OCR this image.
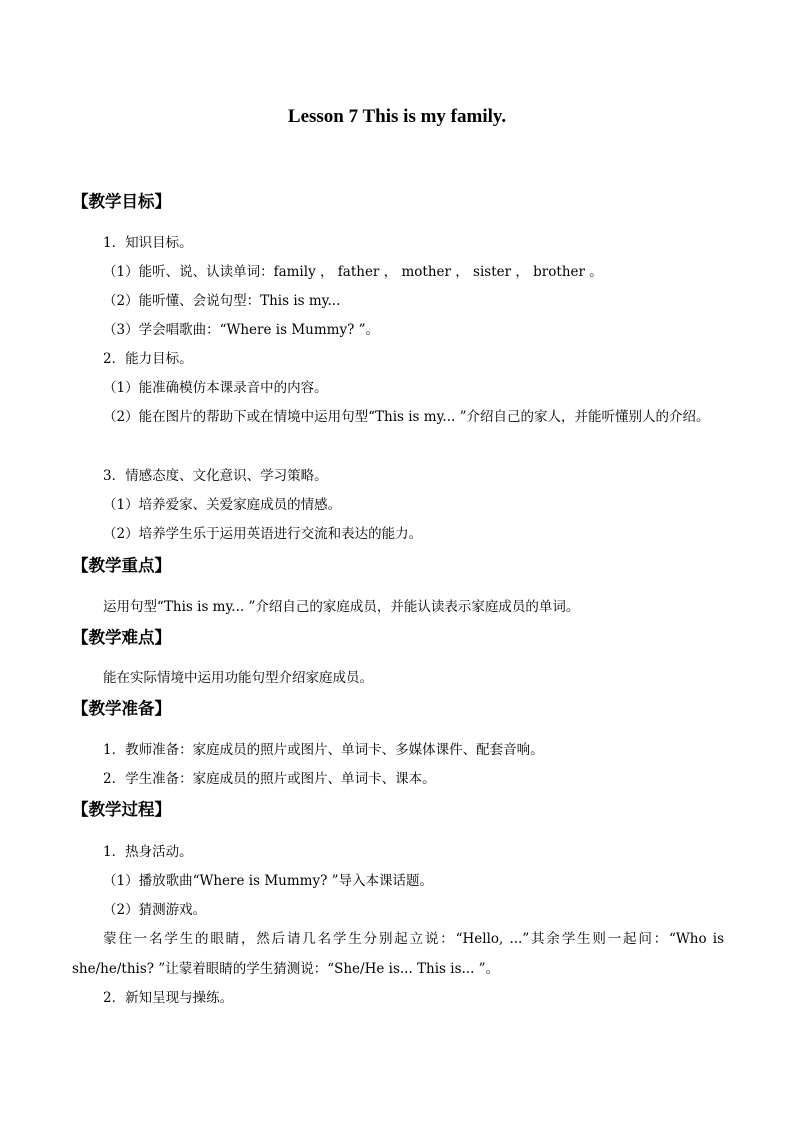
Lesson 7 This is my family.
【教学目标】
1．知识目标。
（1）能听、说、认读单词：family ， father ， mother ， sister ， brother 。
（2）能听懂、会说句型：This is my...
（3）学会唱歌曲：“Where is Mummy? ”。
2．能力目标。
（1）能准确模仿本课录音中的内容。
（2）能在图片的帮助下或在情境中运用句型“This is my... ”介绍自己的家人，并能听懂别人的介绍。
3．情感态度、文化意识、学习策略。
（1）培养爱家、关爱家庭成员的情感。
（2）培养学生乐于运用英语进行交流和表达的能力。
【教学重点】
运用句型“This is my... ”介绍自己的家庭成员，并能认读表示家庭成员的单词。
【教学难点】
能在实际情境中运用功能句型介绍家庭成员。
【教学准备】
1．教师准备：家庭成员的照片或图片、单词卡、多媒体课件、配套音响。
2．学生准备：家庭成员的照片或图片、单词卡、课本。
【教学过程】
1．热身活动。
（1）播放歌曲“Where is Mummy? ”导入本课话题。
（2）猜测游戏。
蒙住一名学生的眼睛，然后请几名学生分别起立说：“Hello, ...”其余学生则一起问：“Who is she/he/this? ”让蒙着眼睛的学生猜测说：“She/He is... This is... ”。
2．新知呈现与操练。
